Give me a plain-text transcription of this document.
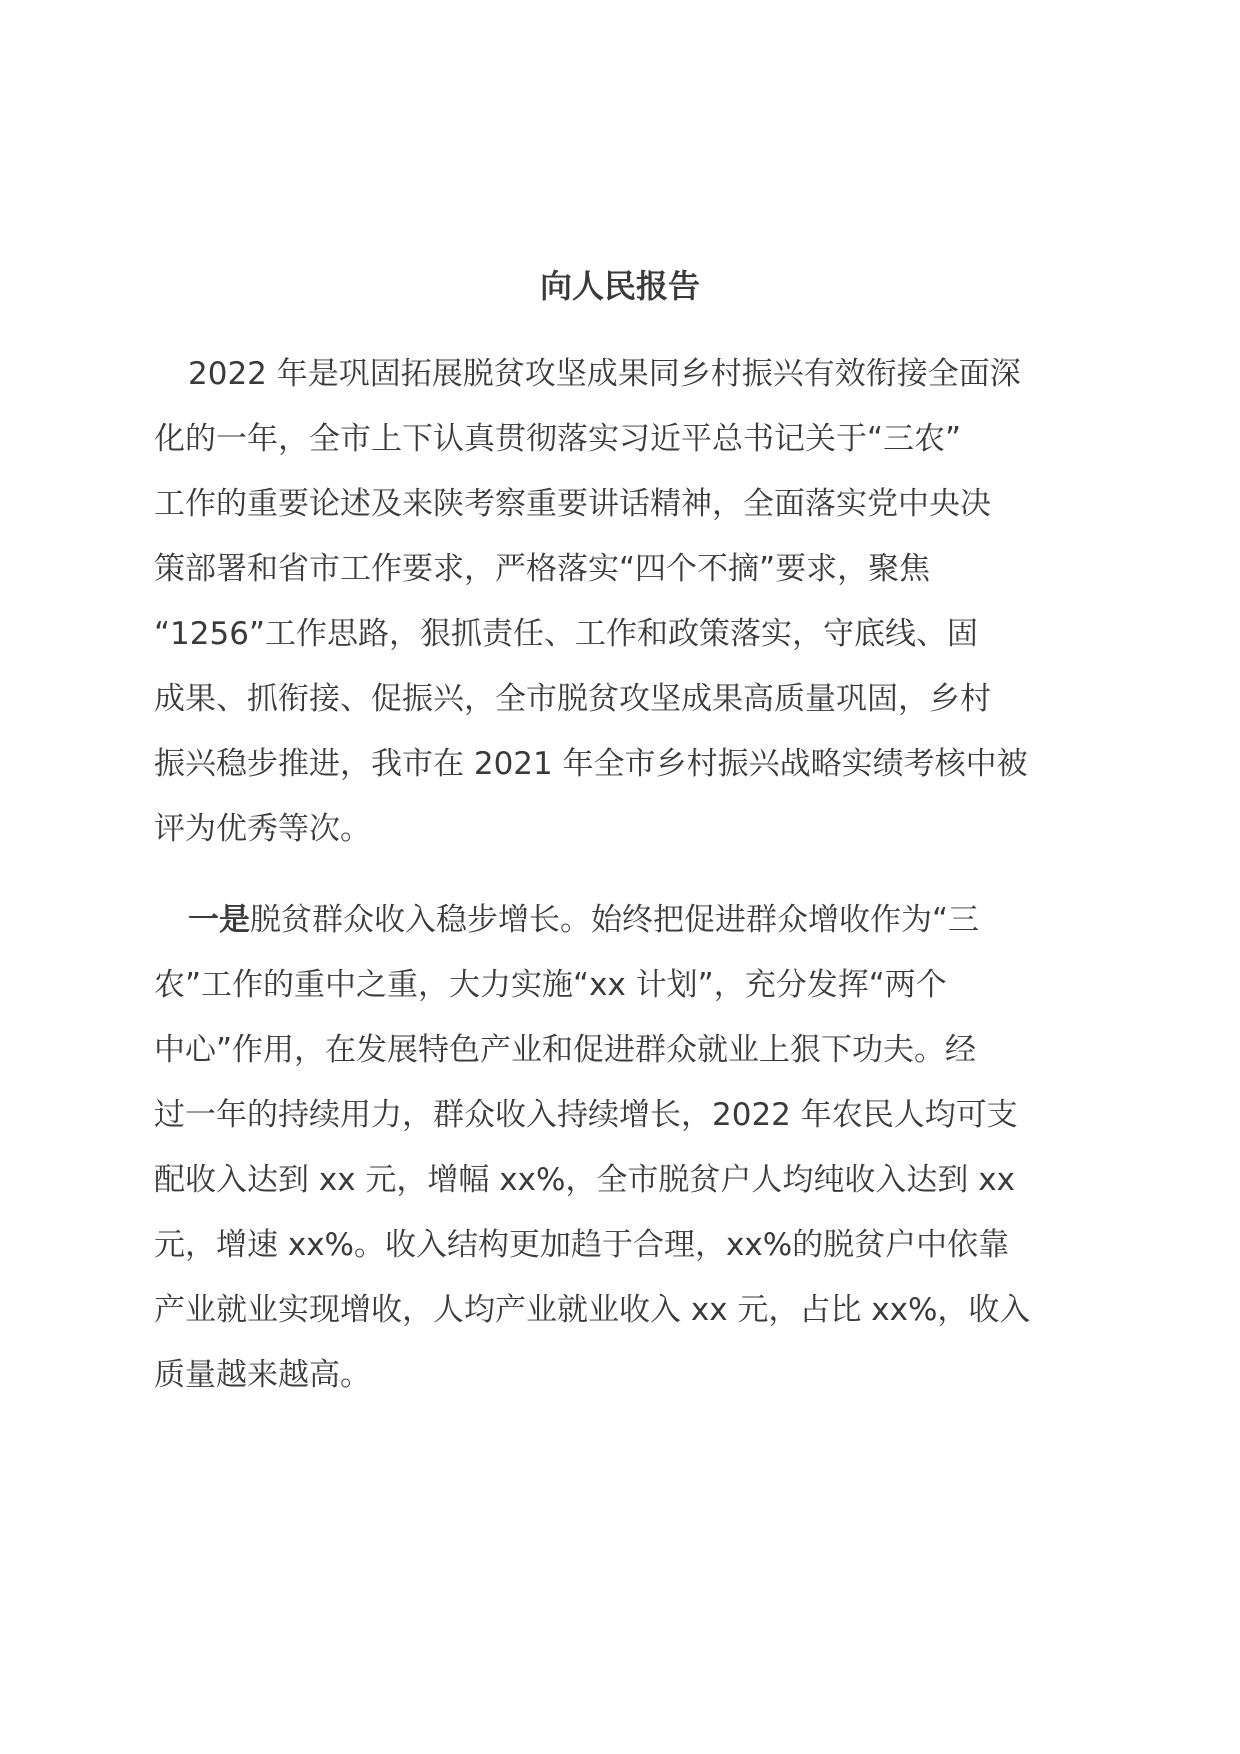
向人民报告
2022 年是巩固拓展脱贫攻坚成果同乡村振兴有效衔接全面深
化的一年，全市上下认真贯彻落实习近平总书记关于“三农”
工作的重要论述及来陕考察重要讲话精神，全面落实党中央决
策部署和省市工作要求，严格落实“四个不摘”要求，聚焦
“1256”工作思路，狠抓责任、工作和政策落实，守底线、固
成果、抓衔接、促振兴，全市脱贫攻坚成果高质量巩固，乡村
振兴稳步推进，我市在 2021 年全市乡村振兴战略实绩考核中被
评为优秀等次。
一是脱贫群众收入稳步增长。始终把促进群众增收作为“三
农”工作的重中之重，大力实施“xx 计划”，充分发挥“两个
中心”作用，在发展特色产业和促进群众就业上狠下功夫。经
过一年的持续用力，群众收入持续增长，2022 年农民人均可支
配收入达到 xx 元，增幅 xx%，全市脱贫户人均纯收入达到 xx
元，增速 xx%。收入结构更加趋于合理，xx%的脱贫户中依靠
产业就业实现增收，人均产业就业收入 xx 元，占比 xx%，收入
质量越来越高。
